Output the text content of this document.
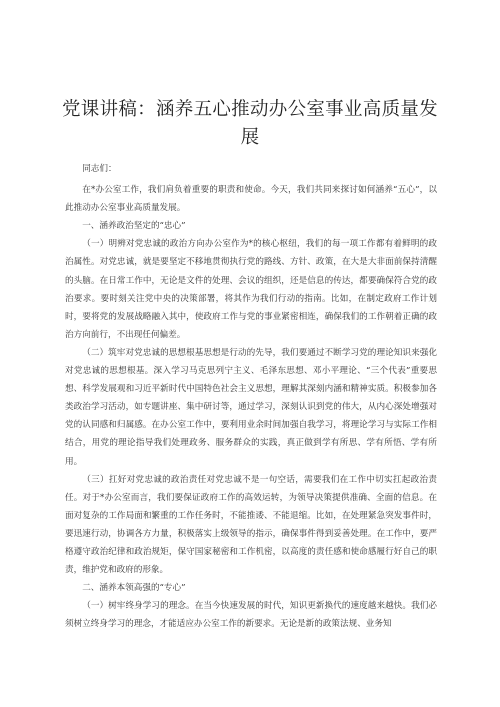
党课讲稿：涵养五心推动办公室事业高质量发展

同志们：

在*办公室工作，我们肩负着重要的职责和使命。今天，我们共同来探讨如何涵养“五心”，以此推动办公室事业高质量发展。

一、涵养政治坚定的“忠心”

（一）明辨对党忠诚的政治方向办公室作为*的核心枢纽，我们的每一项工作都有着鲜明的政治属性。对党忠诚，就是要坚定不移地贯彻执行党的路线、方针、政策，在大是大非面前保持清醒的头脑。在日常工作中，无论是文件的处理、会议的组织，还是信息的传达，都要确保符合党的政治要求。要时刻关注党中央的决策部署，将其作为我们行动的指南。比如，在制定政府工作计划时，要将党的发展战略融入其中，使政府工作与党的事业紧密相连，确保我们的工作朝着正确的政治方向前行，不出现任何偏差。

（二）筑牢对党忠诚的思想根基思想是行动的先导，我们要通过不断学习党的理论知识来强化对党忠诚的思想根基。深入学习马克思列宁主义、毛泽东思想、邓小平理论、“三个代表”重要思想、科学发展观和习近平新时代中国特色社会主义思想，理解其深刻内涵和精神实质。积极参加各类政治学习活动，如专题讲座、集中研讨等，通过学习，深刻认识到党的伟大，从内心深处增强对党的认同感和归属感。在办公室工作中，要利用业余时间加强自我学习，将理论学习与实际工作相结合，用党的理论指导我们处理政务、服务群众的实践，真正做到学有所思、学有所悟、学有所用。

（三）扛好对党忠诚的政治责任对党忠诚不是一句空话，需要我们在工作中切实扛起政治责任。对于*办公室而言，我们要保证政府工作的高效运转，为领导决策提供准确、全面的信息。在面对复杂的工作局面和繁重的工作任务时，不能推诿、不能退缩。比如，在处理紧急突发事件时，要迅速行动，协调各方力量，积极落实上级领导的指示，确保事件得到妥善处理。在工作中，要严格遵守政治纪律和政治规矩，保守国家秘密和工作机密，以高度的责任感和使命感履行好自己的职责，维护党和政府的形象。

二、涵养本领高强的“专心”

（一）树牢终身学习的理念。在当今快速发展的时代，知识更新换代的速度越来越快。我们必须树立终身学习的理念，才能适应办公室工作的新要求。无论是新的政策法规、业务知
